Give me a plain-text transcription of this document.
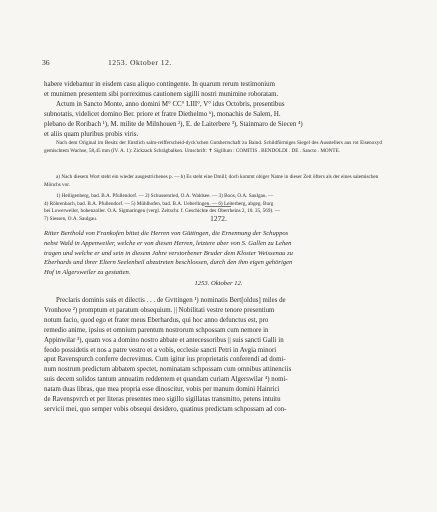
36	1253. Oktober 12.

habere videbamur in eisdem casu aliquo contingente. In quarum rerum testimonium

et munimen presentem sibi porreximus cautionem sigilli nostri munimine roboratam.

Actum in Sancto Monte, anno domini M° CC° LIII°, V° idus Octobris, presentibus

subnotatis, videlicet domino Ber. priore et fratre Diethelmo ᵇ), monachis de Salem, H.

plebano de Roribach ¹), M. milite de Milnhouen ²), E. de Laiterbere ³), Stainmaro de Siecen ⁴)

et aliis quam pluribus probis viris.

Nach dem Original im Besitz der fürstlich salm-reifferscheid-dyck'schen Gutsherrschaft zu Baind. Schildförmiges Siegel des Ausstellers aus rot Eisenoxyd gemischtem Wachse, 58,45 mm (IV. A. 1): Zickzack Schrägbalken. Umschrift: ✝ Sigillum : COMITIS . BENDOLDI . DE . Sancto . MONTE.

a) Nach diesem Wort steht ein wieder ausgestrichenes p. — b) Es steht eine Dmill; doch kommt obiger Name in dieser Zeit öfters als der eines salemischen Mönchs vor.

1) Heiligenberg, bad. B.A. Pfullendorf. — 2) Schussenried, O.A. Waldsee. — 3) Boos, O.A. Saulgau. —

4) Röhrenbach, bad. B.A. Pfullendorf. — 5) Mühlhofen, bad. B.A. Ueberlingen. — 6) Leiterberg, abgeg. Burg

bei Lowerweiler, hohenzoller. O.A. Sigmaringen (vergl. Zeitschr. f. Geschichte des Oberrheins 2, 10. 35, 569). —

7) Siessen, O.A. Saulgau.	1272.

Ritter Berthold von Frankofen bittet die Herren von Güttingen, die Ernennung der Schuppos

nebst Wald in Appenweiler, welche er von diesen Herren, letztere aber von S. Gallen zu Lehen

tragen und welche er und sein in diesem Jahre verstorbener Bruder dem Kloster Weissenau zu

Eberhards und ihrer Eltern Seelenheil abzutreten beschlossen, durch den ihm eigen gehörigen

Hof in Algersweiler zu gestatten.

1253. Oktober 12.

Preclaris dominis suis et dilectis . . . de Gvttingen ¹) nominatis Bert[oldus] miles de

Vronhove ²) promptum et paratum obsequium. || Nobilitati vestre tenore presentium

notum facio, quod ego et frater meus Eberhardus, qui hoc anno defunctus est, pro

remedio anime, ipsius et omnium parentum nostrorum schpossam cum nemore in

Appinwilar ³), quam vos a domino nostro abbate et antecessoribus || suis sancti Galli in

feodo possidetis et nos a patre vestro et a vobis, ecclesie sancti Petri in Avgia minori

aput Ravenspurch conferre decrevimus. Cum igitur ius proprietatis conferendi ad domi-

num nostrum predictum abbatem spectet, nominatam schpossam cum omnibus attinenciis

suis decem solidos tantum annuatim reddentem et quandam curiam Algerswilar ⁴) nomi-

natam duas libras, que mea propria esse dinoscitur, vobis per manum domini Hainrici

de Ravenspvrch et per literas presentes meo sigillo sigillatas transmitto, petens intuitu

servicii mei, quo semper vobis obsequi desidero, quatinus predictam schpossam ad con-
